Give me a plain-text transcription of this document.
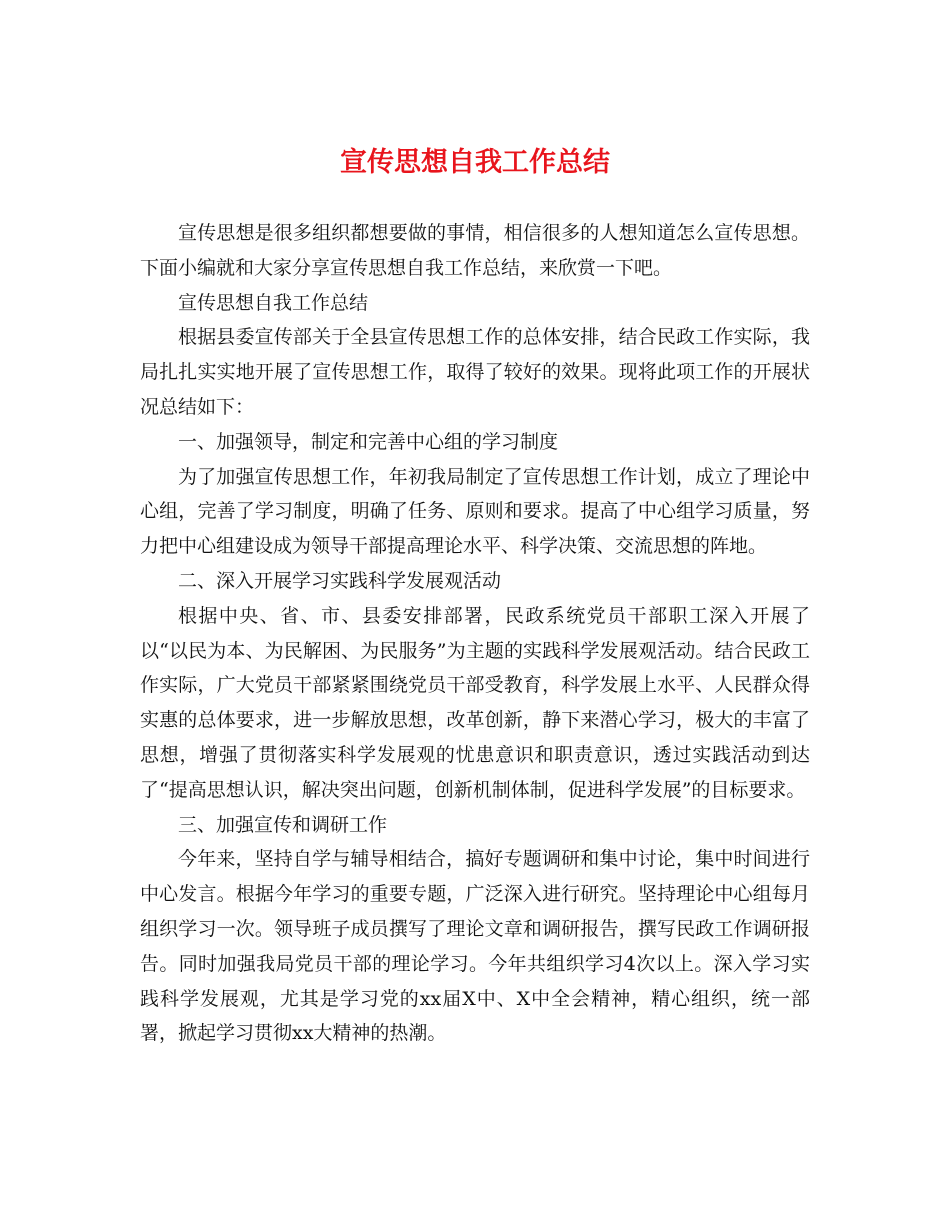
宣传思想自我工作总结

宣传思想是很多组织都想要做的事情，相信很多的人想知道怎么宣传思想。下面小编就和大家分享宣传思想自我工作总结，来欣赏一下吧。

宣传思想自我工作总结

根据县委宣传部关于全县宣传思想工作的总体安排，结合民政工作实际，我局扎扎实实地开展了宣传思想工作，取得了较好的效果。现将此项工作的开展状况总结如下：

一、加强领导，制定和完善中心组的学习制度

为了加强宣传思想工作，年初我局制定了宣传思想工作计划，成立了理论中心组，完善了学习制度，明确了任务、原则和要求。提高了中心组学习质量，努力把中心组建设成为领导干部提高理论水平、科学决策、交流思想的阵地。

二、深入开展学习实践科学发展观活动

根据中央、省、市、县委安排部署，民政系统党员干部职工深入开展了以“以民为本、为民解困、为民服务”为主题的实践科学发展观活动。结合民政工作实际，广大党员干部紧紧围绕党员干部受教育，科学发展上水平、人民群众得实惠的总体要求，进一步解放思想，改革创新，静下来潜心学习，极大的丰富了思想，增强了贯彻落实科学发展观的忧患意识和职责意识，透过实践活动到达了“提高思想认识，解决突出问题，创新机制体制，促进科学发展”的目标要求。

三、加强宣传和调研工作

今年来，坚持自学与辅导相结合，搞好专题调研和集中讨论，集中时间进行中心发言。根据今年学习的重要专题，广泛深入进行研究。坚持理论中心组每月组织学习一次。领导班子成员撰写了理论文章和调研报告，撰写民政工作调研报告。同时加强我局党员干部的理论学习。今年共组织学习4次以上。深入学习实践科学发展观，尤其是学习党的xx届X中、X中全会精神，精心组织，统一部署，掀起学习贯彻xx大精神的热潮。
